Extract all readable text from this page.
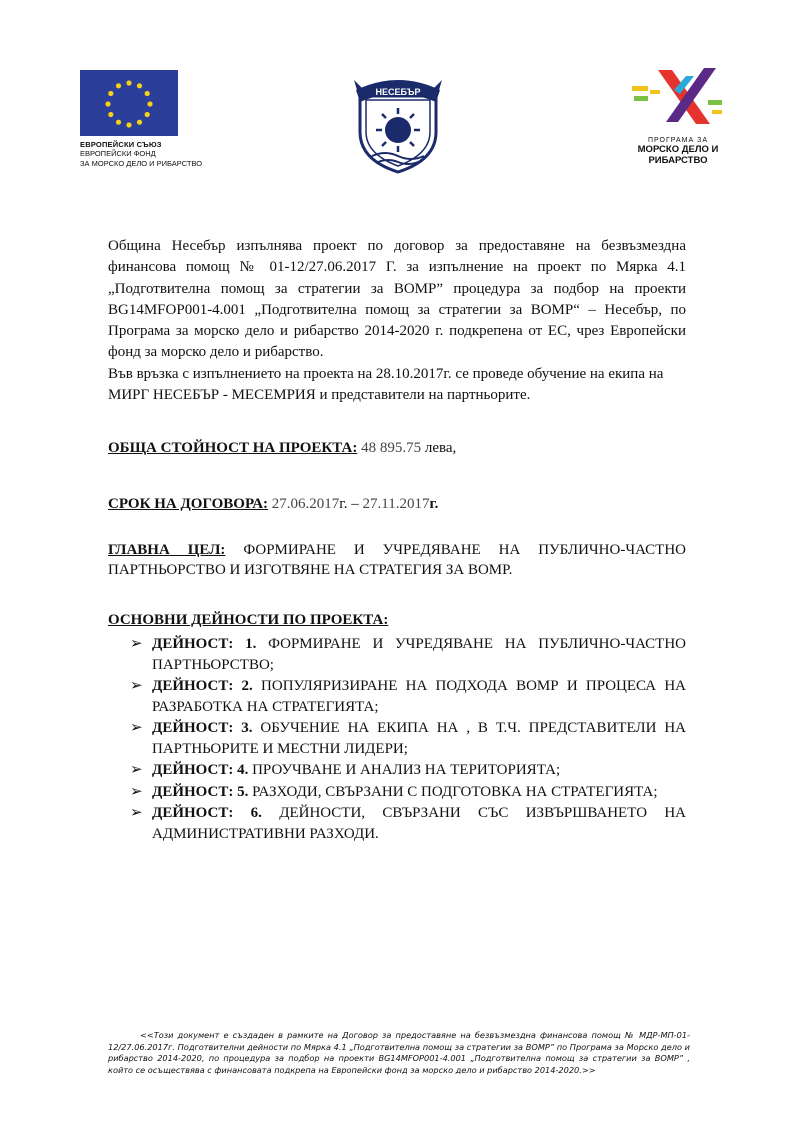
ЕВРОПЕЙСКИ СЪЮЗ
ЕВРОПЕЙСКИ ФОНД
ЗА МОРСКО ДЕЛО И РИБАРСТВО
НЕСЕБЪР
ПРОГРАМА ЗА
МОРСКО ДЕЛО И
РИБАРСТВО

Община Несебър изпълнява проект по договор за предоставяне на безвъзмездна финансова помощ № 01-12/27.06.2017 Г. за изпълнение на проект по Мярка 4.1 „Подготвителна помощ за стратегии за ВОМР” процедура за подбор на проекти BG14MFOP001-4.001 „Подготвителна помощ за стратегии за ВОМР“ – Несебър, по Програма за морско дело и рибарство 2014-2020 г. подкрепена от ЕС, чрез Европейски фонд за морско дело и рибарство.

Във връзка с изпълнението на проекта на 28.10.2017г. се проведе обучение на екипа на МИРГ НЕСЕБЪР - МЕСЕМРИЯ и представители на партньорите.

ОБЩА СТОЙНОСТ НА ПРОЕКТА: 48 895.75 лева,
СРОК НА ДОГОВОРА: 27.06.2017г. – 27.11.2017г.
ГЛАВНА ЦЕЛ: ФОРМИРАНЕ И УЧРЕДЯВАНЕ НА ПУБЛИЧНО-ЧАСТНО ПАРТНЬОРСТВО И ИЗГОТВЯНЕ НА СТРАТЕГИЯ ЗА ВОМР.
ОСНОВНИ ДЕЙНОСТИ ПО ПРОЕКТА:
➢ ДЕЙНОСТ: 1. ФОРМИРАНЕ И УЧРЕДЯВАНЕ НА ПУБЛИЧНО-ЧАСТНО ПАРТНЬОРСТВО;
➢ ДЕЙНОСТ: 2. ПОПУЛЯРИЗИРАНЕ НА ПОДХОДА ВОМР И ПРОЦЕСА НА РАЗРАБОТКА НА СТРАТЕГИЯТА;
➢ ДЕЙНОСТ: 3. ОБУЧЕНИЕ НА ЕКИПА НА , В Т.Ч. ПРЕДСТАВИТЕЛИ НА ПАРТНЬОРИТЕ И МЕСТНИ ЛИДЕРИ;
➢ ДЕЙНОСТ: 4. ПРОУЧВАНЕ И АНАЛИЗ НА ТЕРИТОРИЯТА;
➢ ДЕЙНОСТ: 5. РАЗХОДИ, СВЪРЗАНИ С ПОДГОТОВКА НА СТРАТЕГИЯТА;
➢ ДЕЙНОСТ: 6. ДЕЙНОСТИ, СВЪРЗАНИ СЪС ИЗВЪРШВАНЕТО НА АДМИНИСТРАТИВНИ РАЗХОДИ.
<<Този документ е създаден в рамките на Договор за предоставяне на безвъзмездна финансова помощ № МДР-МП-01-12/27.06.2017г. Подготвителни дейности по Мярка 4.1 „Подготвителна помощ за стратегии за ВОМР” по Програма за Морско дело и рибарство 2014-2020, по процедура за подбор на проекти BG14MFOP001-4.001 „Подготвителна помощ за стратегии за ВОМР” , който се осъществява с финансовата подкрепа на Европейски фонд за морско дело и рибарство 2014-2020.>>
